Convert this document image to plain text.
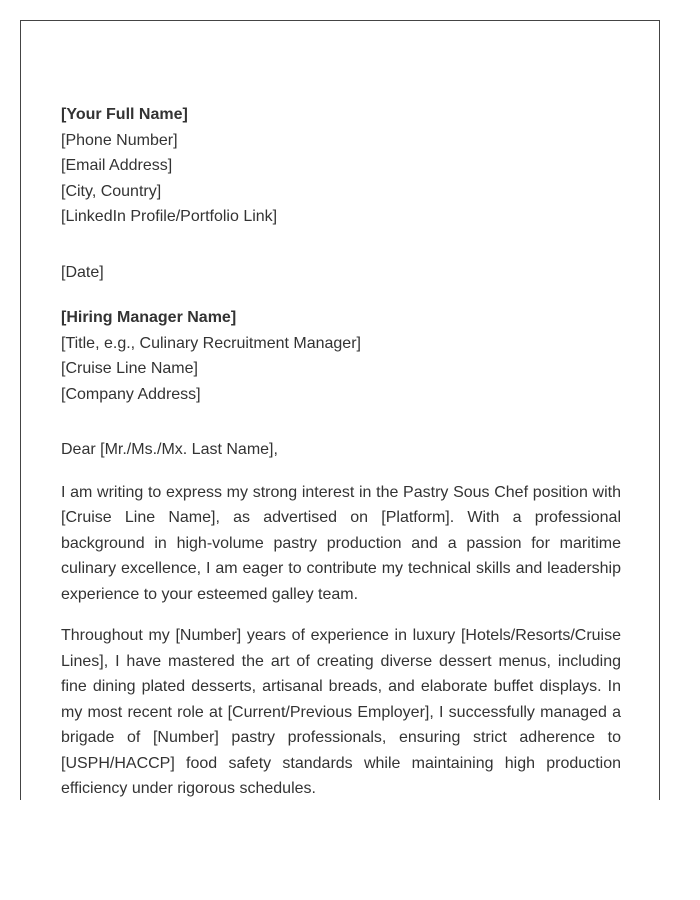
[Your Full Name]
[Phone Number]
[Email Address]
[City, Country]
[LinkedIn Profile/Portfolio Link]
[Date]
[Hiring Manager Name]
[Title, e.g., Culinary Recruitment Manager]
[Cruise Line Name]
[Company Address]
Dear [Mr./Ms./Mx. Last Name],

I am writing to express my strong interest in the Pastry Sous Chef position with [Cruise Line Name], as advertised on [Platform]. With a professional background in high-volume pastry production and a passion for maritime culinary excellence, I am eager to contribute my technical skills and leadership experience to your esteemed galley team.

Throughout my [Number] years of experience in luxury [Hotels/Resorts/Cruise Lines], I have mastered the art of creating diverse dessert menus, including fine dining plated desserts, artisanal breads, and elaborate buffet displays. In my most recent role at [Current/Previous Employer], I successfully managed a brigade of [Number] pastry professionals, ensuring strict adherence to [USPH/HACCP] food safety standards while maintaining high production efficiency under rigorous schedules.
